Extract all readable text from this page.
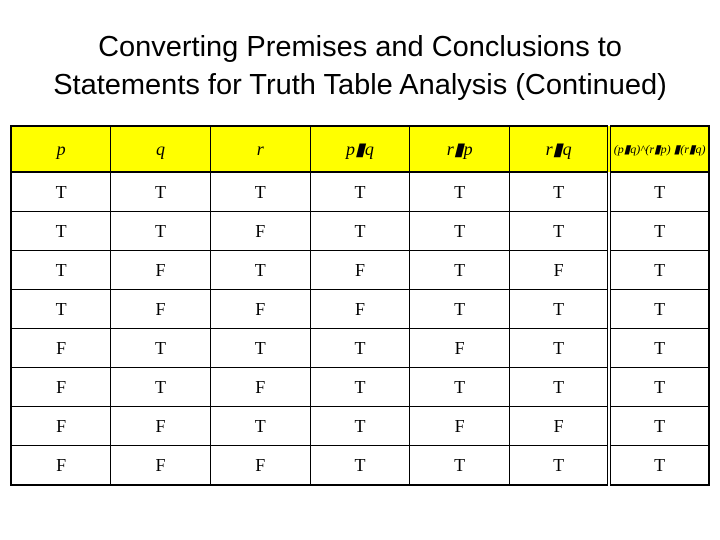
Converting Premises and Conclusions to
Statements for Truth Table Analysis (Continued)
p	q	r	p▮q	r▮p	r▮q	(p▮q)^(r▮p) ▮(r▮q)
T	T	T	T	T	T	T
T	T	F	T	T	T	T
T	F	T	F	T	F	T
T	F	F	F	T	T	T
F	T	T	T	F	T	T
F	T	F	T	T	T	T
F	F	T	T	F	F	T
F	F	F	T	T	T	T
